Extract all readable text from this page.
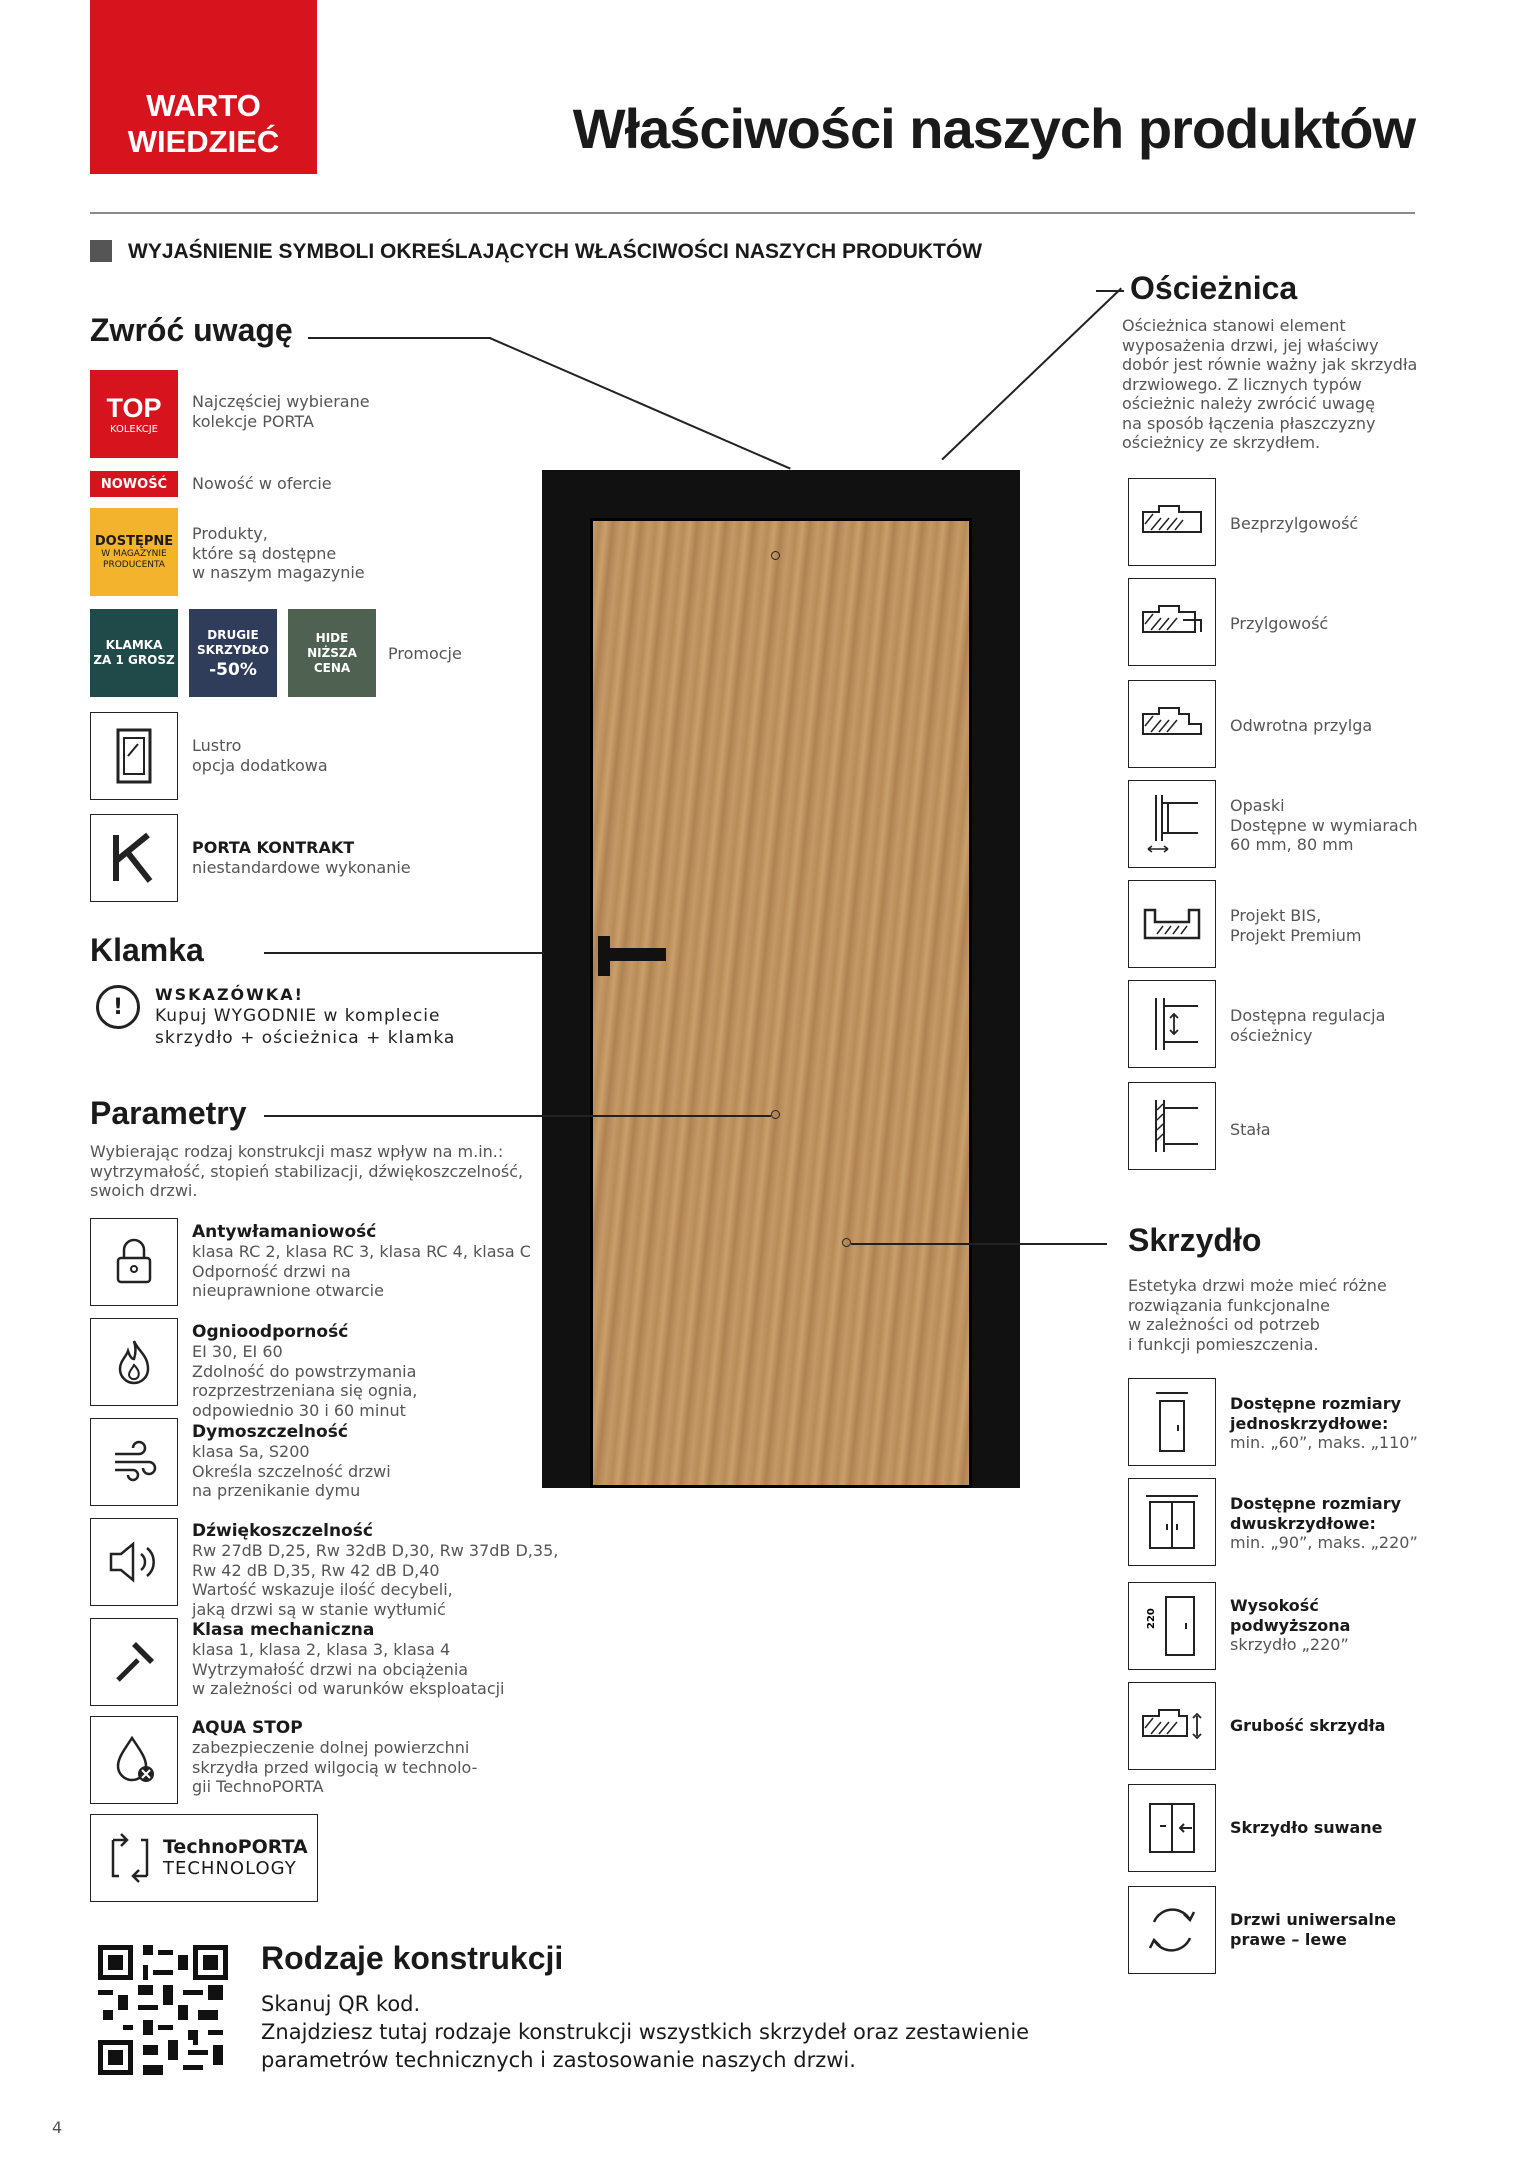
WARTO
WIEDZIEĆ	Właściwości naszych produktów
WYJAŚNIENIE SYMBOLI OKREŚLAJĄCYCH WŁAŚCIWOŚCI NASZYCH PRODUKTÓW
Zwróć uwagę
TOP
KOLEKCJE
Najczęściej wybierane
kolekcje PORTA
NOWOŚĆ	Nowość w ofercie
DOSTĘPNE
W MAGAZYNIE
PRODUCENTA
Produkty,
które są dostępne
w naszym magazynie
KLAMKA
ZA 1 GROSZ
DRUGIE
SKRZYDŁO
-50%
HIDE
NIŻSZA
CENA
Promocje
Lustro
opcja dodatkowa
PORTA KONTRAKT
niestandardowe wykonanie
Klamka
!	WSKAZÓWKA!
Kupuj WYGODNIE w komplecie
skrzydło + ościeżnica + klamka
Parametry
Wybierając rodzaj konstrukcji masz wpływ na m.in.:
wytrzymałość, stopień stabilizacji, dźwiękoszczelność,
swoich drzwi.
Antywłamaniowość
klasa RC 2, klasa RC 3, klasa RC 4, klasa C
Odporność drzwi na
nieuprawnione otwarcie
Ognioodporność
EI 30, EI 60
Zdolność do powstrzymania
rozprzestrzeniana się ognia,
odpowiednio 30 i 60 minut
Dymoszczelność
klasa Sa, S200
Określa szczelność drzwi
na przenikanie dymu
Dźwiękoszczelność
Rw 27dB D,25, Rw 32dB D,30, Rw 37dB D,35,
Rw 42 dB D,35, Rw 42 dB D,40
Wartość wskazuje ilość decybeli,
jaką drzwi są w stanie wytłumić
Klasa mechaniczna
klasa 1, klasa 2, klasa 3, klasa 4
Wytrzymałość drzwi na obciążenia
w zależności od warunków eksploatacji
AQUA STOP
zabezpieczenie dolnej powierzchni
skrzydła przed wilgocią w technolo-
gii TechnoPORTA
TechnoPORTA
TECHNOLOGY
Rodzaje konstrukcji
Skanuj QR kod.
Znajdziesz tutaj rodzaje konstrukcji wszystkich skrzydeł oraz zestawienie
parametrów technicznych i zastosowanie naszych drzwi.
Ościeżnica
Ościeżnica stanowi element
wyposażenia drzwi, jej właściwy
dobór jest równie ważny jak skrzydła
drzwiowego. Z licznych typów
ościeżnic należy zwrócić uwagę
na sposób łączenia płaszczyzny
ościeżnicy ze skrzydłem.
Bezprzylgowość
Przylgowość
Odwrotna przylga
Opaski
Dostępne w wymiarach
60 mm, 80 mm
Projekt BIS,
Projekt Premium
Dostępna regulacja
ościeżnicy
Stała
Skrzydło
Estetyka drzwi może mieć różne
rozwiązania funkcjonalne
w zależności od potrzeb
i funkcji pomieszczenia.
Dostępne rozmiary
jednoskrzydłowe:
min. „60”, maks. „110”
Dostępne rozmiary
dwuskrzydłowe:
min. „90”, maks. „220”
220
Wysokość
podwyższona
skrzydło „220”
Grubość skrzydła
Skrzydło suwane
Drzwi uniwersalne
prawe – lewe
4
